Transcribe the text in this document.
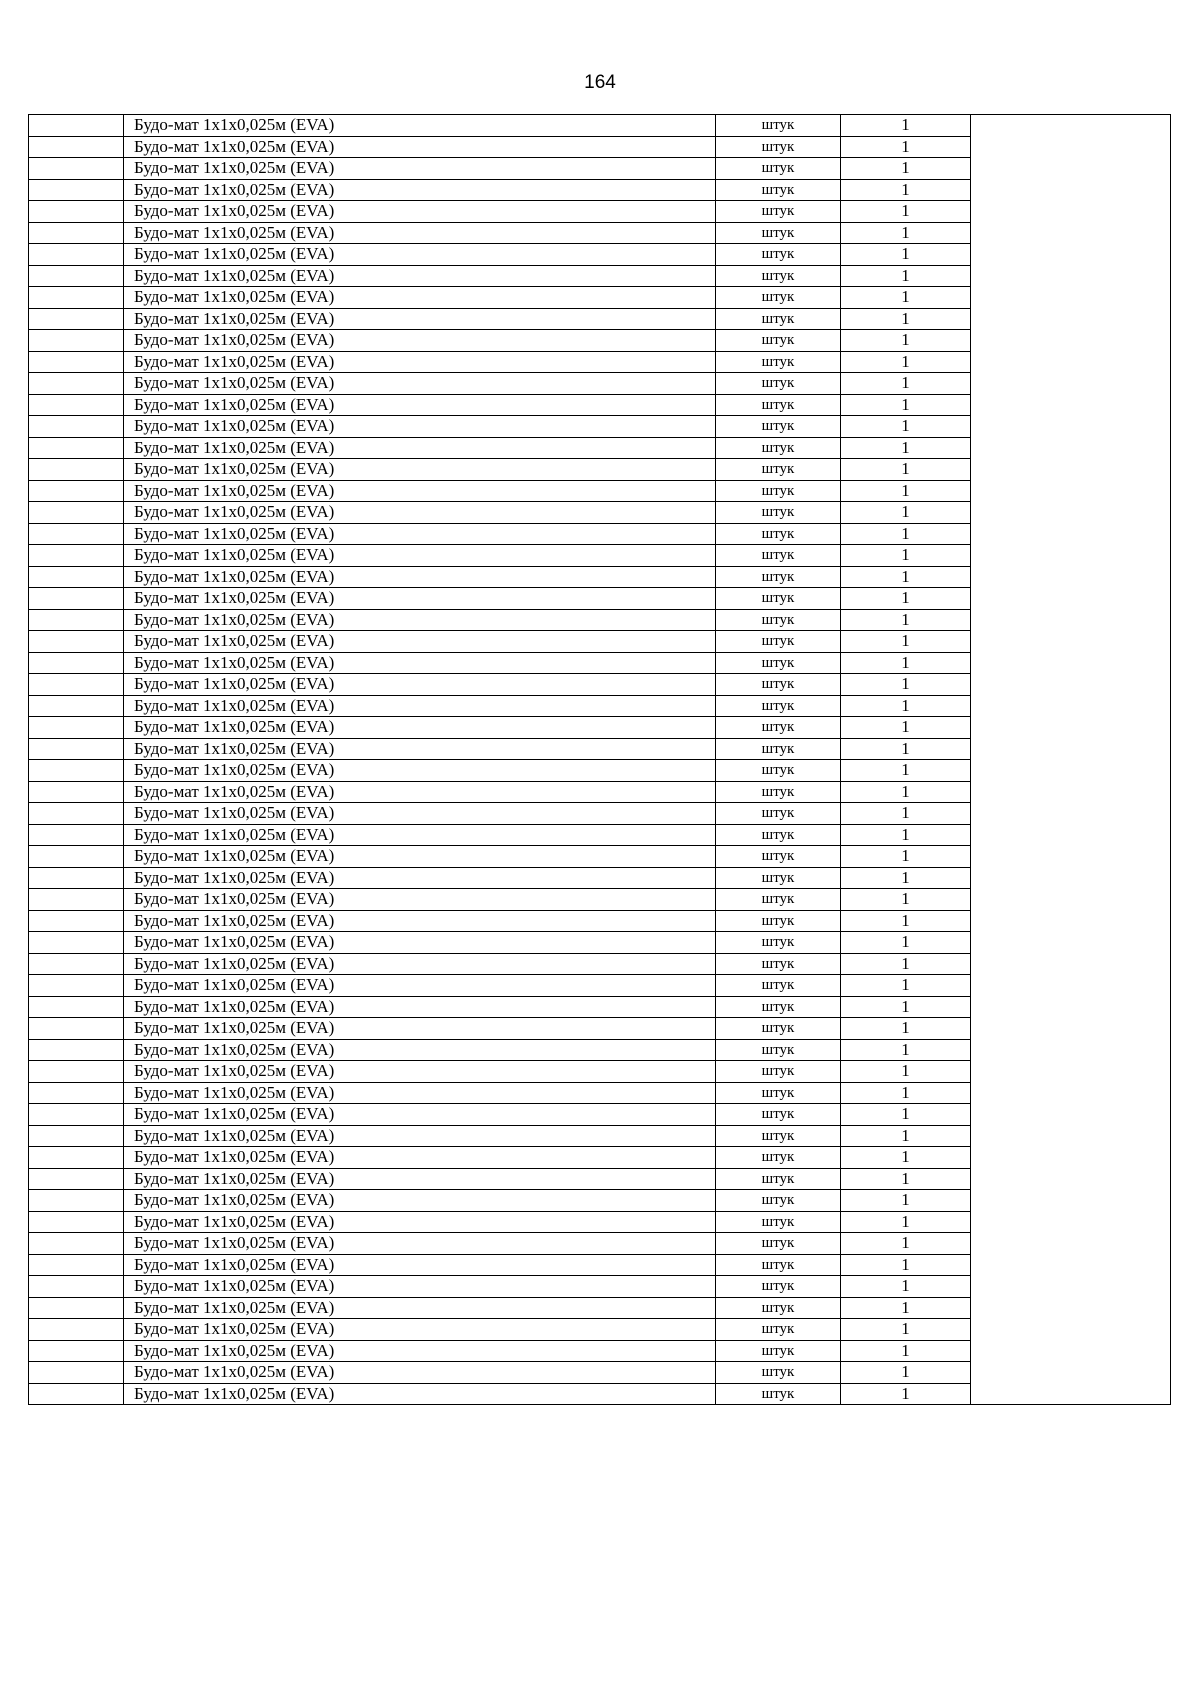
164
	Будо-мат 1х1х0,025м (EVA)	штук	1	
	Будо-мат 1х1х0,025м (EVA)	штук	1	
	Будо-мат 1х1х0,025м (EVA)	штук	1	
	Будо-мат 1х1х0,025м (EVA)	штук	1	
	Будо-мат 1х1х0,025м (EVA)	штук	1	
	Будо-мат 1х1х0,025м (EVA)	штук	1	
	Будо-мат 1х1х0,025м (EVA)	штук	1	
	Будо-мат 1х1х0,025м (EVA)	штук	1	
	Будо-мат 1х1х0,025м (EVA)	штук	1	
	Будо-мат 1х1х0,025м (EVA)	штук	1	
	Будо-мат 1х1х0,025м (EVA)	штук	1	
	Будо-мат 1х1х0,025м (EVA)	штук	1	
	Будо-мат 1х1х0,025м (EVA)	штук	1	
	Будо-мат 1х1х0,025м (EVA)	штук	1	
	Будо-мат 1х1х0,025м (EVA)	штук	1	
	Будо-мат 1х1х0,025м (EVA)	штук	1	
	Будо-мат 1х1х0,025м (EVA)	штук	1	
	Будо-мат 1х1х0,025м (EVA)	штук	1	
	Будо-мат 1х1х0,025м (EVA)	штук	1	
	Будо-мат 1х1х0,025м (EVA)	штук	1	
	Будо-мат 1х1х0,025м (EVA)	штук	1	
	Будо-мат 1х1х0,025м (EVA)	штук	1	
	Будо-мат 1х1х0,025м (EVA)	штук	1	
	Будо-мат 1х1х0,025м (EVA)	штук	1	
	Будо-мат 1х1х0,025м (EVA)	штук	1	
	Будо-мат 1х1х0,025м (EVA)	штук	1	
	Будо-мат 1х1х0,025м (EVA)	штук	1	
	Будо-мат 1х1х0,025м (EVA)	штук	1	
	Будо-мат 1х1х0,025м (EVA)	штук	1	
	Будо-мат 1х1х0,025м (EVA)	штук	1	
	Будо-мат 1х1х0,025м (EVA)	штук	1	
	Будо-мат 1х1х0,025м (EVA)	штук	1	
	Будо-мат 1х1х0,025м (EVA)	штук	1	
	Будо-мат 1х1х0,025м (EVA)	штук	1	
	Будо-мат 1х1х0,025м (EVA)	штук	1	
	Будо-мат 1х1х0,025м (EVA)	штук	1	
	Будо-мат 1х1х0,025м (EVA)	штук	1	
	Будо-мат 1х1х0,025м (EVA)	штук	1	
	Будо-мат 1х1х0,025м (EVA)	штук	1	
	Будо-мат 1х1х0,025м (EVA)	штук	1	
	Будо-мат 1х1х0,025м (EVA)	штук	1	
	Будо-мат 1х1х0,025м (EVA)	штук	1	
	Будо-мат 1х1х0,025м (EVA)	штук	1	
	Будо-мат 1х1х0,025м (EVA)	штук	1	
	Будо-мат 1х1х0,025м (EVA)	штук	1	
	Будо-мат 1х1х0,025м (EVA)	штук	1	
	Будо-мат 1х1х0,025м (EVA)	штук	1	
	Будо-мат 1х1х0,025м (EVA)	штук	1	
	Будо-мат 1х1х0,025м (EVA)	штук	1	
	Будо-мат 1х1х0,025м (EVA)	штук	1	
	Будо-мат 1х1х0,025м (EVA)	штук	1	
	Будо-мат 1х1х0,025м (EVA)	штук	1	
	Будо-мат 1х1х0,025м (EVA)	штук	1	
	Будо-мат 1х1х0,025м (EVA)	штук	1	
	Будо-мат 1х1х0,025м (EVA)	штук	1	
	Будо-мат 1х1х0,025м (EVA)	штук	1	
	Будо-мат 1х1х0,025м (EVA)	штук	1	
	Будо-мат 1х1х0,025м (EVA)	штук	1	
	Будо-мат 1х1х0,025м (EVA)	штук	1	
	Будо-мат 1х1х0,025м (EVA)	штук	1	
